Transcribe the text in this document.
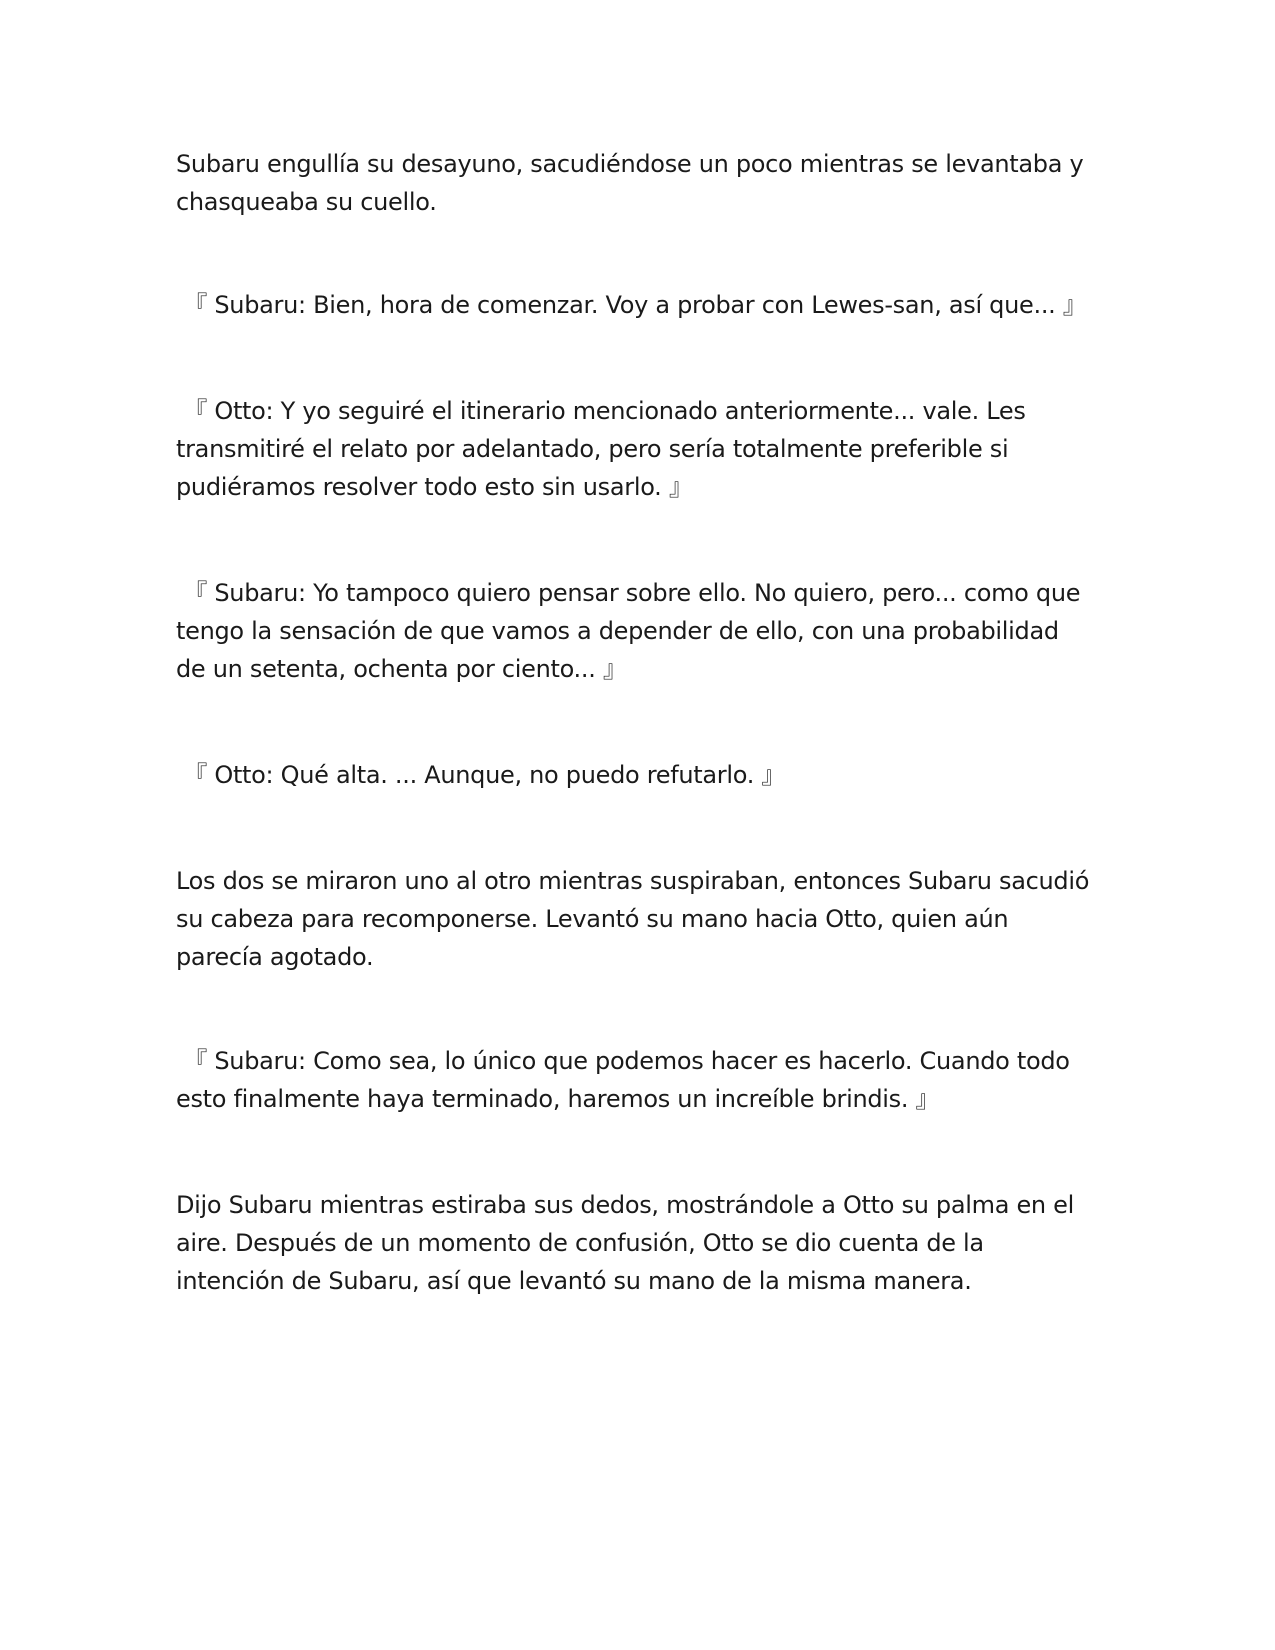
Subaru engullía su desayuno, sacudiéndose un poco mientras se levantaba y
chasqueaba su cuello.

『 Subaru: Bien, hora de comenzar. Voy a probar con Lewes-san, así que... 』

『 Otto: Y yo seguiré el itinerario mencionado anteriormente... vale. Les
transmitiré el relato por adelantado, pero sería totalmente preferible si
pudiéramos resolver todo esto sin usarlo. 』

『 Subaru: Yo tampoco quiero pensar sobre ello. No quiero, pero... como que
tengo la sensación de que vamos a depender de ello, con una probabilidad
de un setenta, ochenta por ciento... 』

『 Otto: Qué alta. ... Aunque, no puedo refutarlo. 』

Los dos se miraron uno al otro mientras suspiraban, entonces Subaru sacudió
su cabeza para recomponerse. Levantó su mano hacia Otto, quien aún
parecía agotado.

『 Subaru: Como sea, lo único que podemos hacer es hacerlo. Cuando todo
esto finalmente haya terminado, haremos un increíble brindis. 』

Dijo Subaru mientras estiraba sus dedos, mostrándole a Otto su palma en el
aire. Después de un momento de confusión, Otto se dio cuenta de la
intención de Subaru, así que levantó su mano de la misma manera.
